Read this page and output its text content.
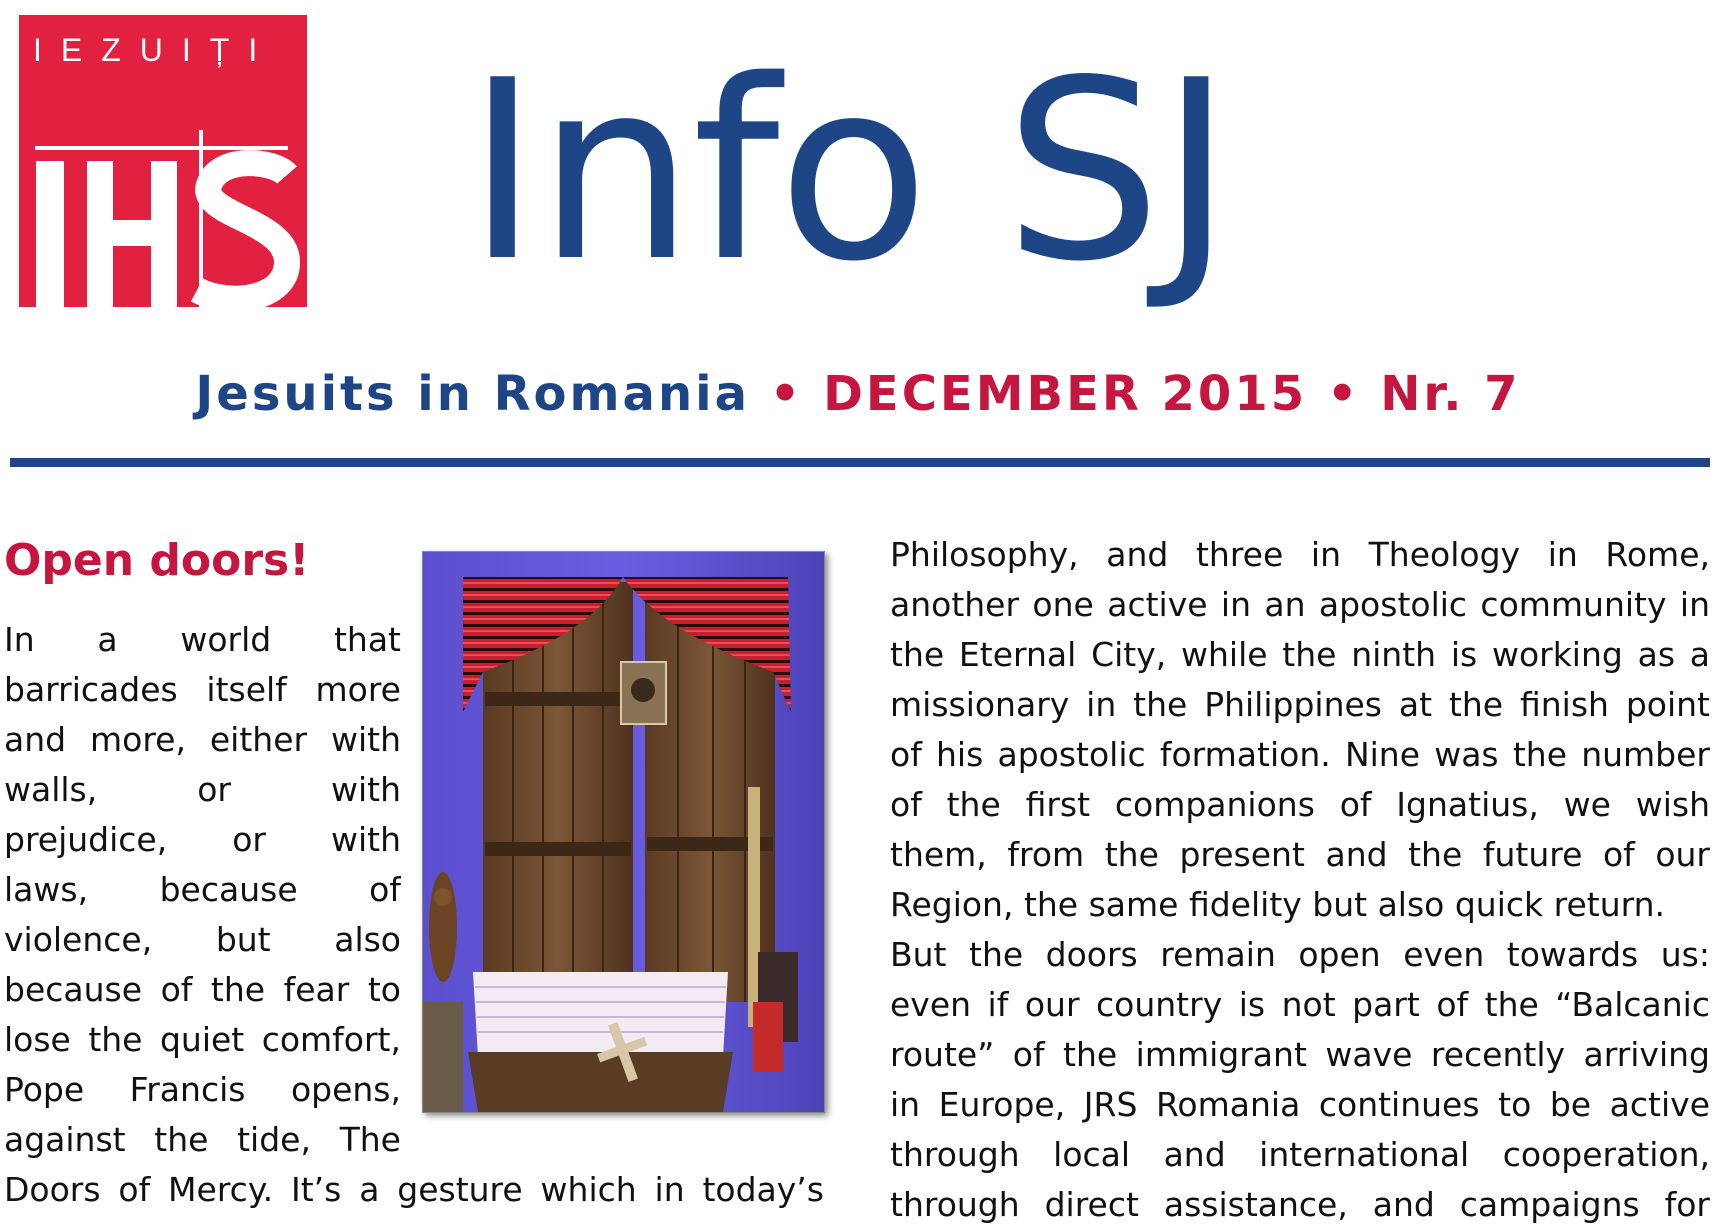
IEZUIȚI Info SJ
Jesuits in Romania • DECEMBER 2015 • Nr. 7
Open doors!
In a world that
barricades itself more
and more, either with
walls, or with
prejudice, or with
laws, because of
violence, but also
because of the fear to
lose the quiet comfort,
Pope Francis opens,
against the tide, The
Doors of Mercy. It’s a gesture which in today’s
Philosophy, and three in Theology in Rome,
another one active in an apostolic community in
the Eternal City, while the ninth is working as a
missionary in the Philippines at the finish point
of his apostolic formation. Nine was the number
of the first companions of Ignatius, we wish
them, from the present and the future of our
Region, the same fidelity but also quick return.
But the doors remain open even towards us:
even if our country is not part of the “Balcanic
route” of the immigrant wave recently arriving
in Europe, JRS Romania continues to be active
through local and international cooperation,
through direct assistance, and campaigns for
